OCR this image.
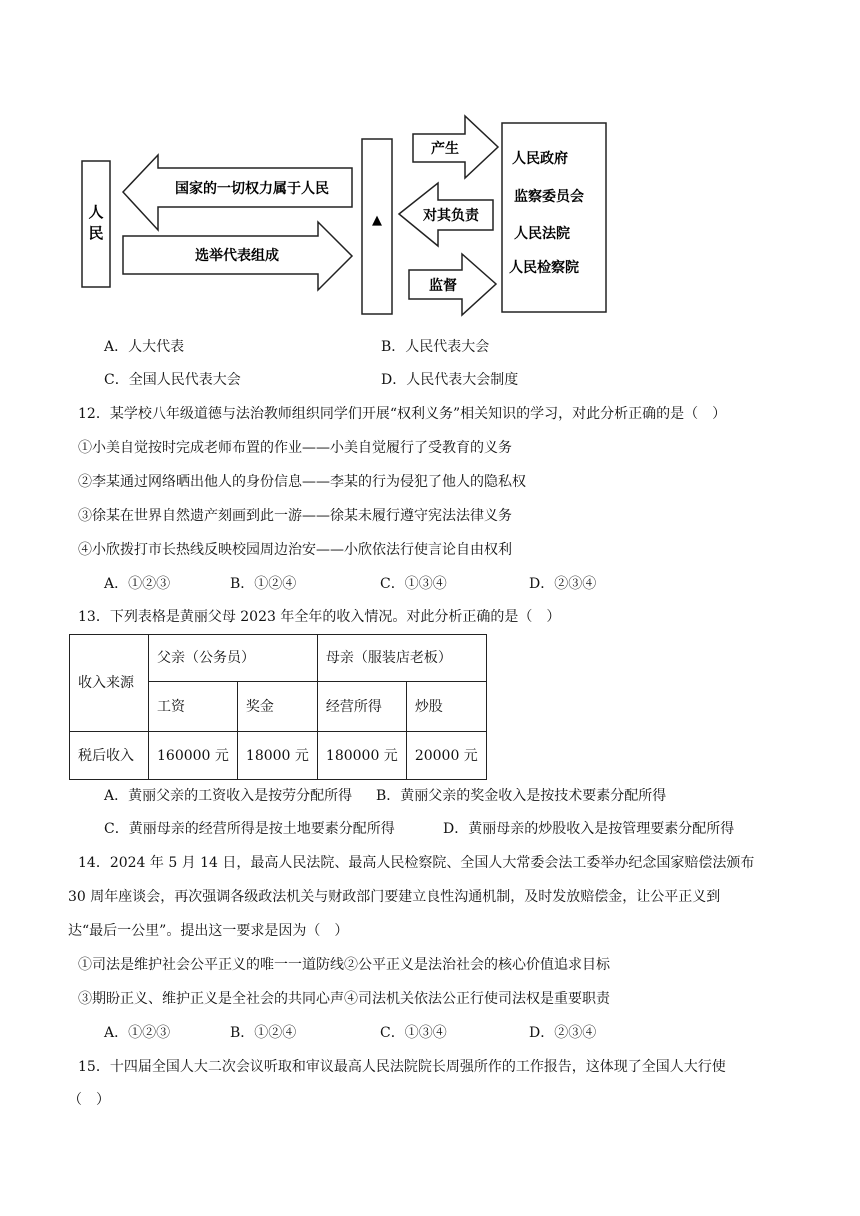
人
民
国家的一切权力属于人民
选举代表组成
▲
产生
对其负责
监督
人民政府
监察委员会
人民法院
人民检察院
A．人大代表	B．人民代表大会
C．全国人民代表大会	D．人民代表大会制度
12．某学校八年级道德与法治教师组织同学们开展“权利义务”相关知识的学习，对此分析正确的是（　）
①小美自觉按时完成老师布置的作业——小美自觉履行了受教育的义务
②李某通过网络晒出他人的身份信息——李某的行为侵犯了他人的隐私权
③徐某在世界自然遗产刻画到此一游——徐某未履行遵守宪法法律义务
④小欣拨打市长热线反映校园周边治安——小欣依法行使言论自由权利
A．①②③	B．①②④	C．①③④	D．②③④
13．下列表格是黄丽父母 2023 年全年的收入情况。对此分析正确的是（　）
收入来源	父亲（公务员）		母亲（服装店老板）	
	工资	奖金	经营所得	炒股
税后收入	160000 元	18000 元	180000 元	20000 元
A．黄丽父亲的工资收入是按劳分配所得 B．黄丽父亲的奖金收入是按技术要素分配所得
C．黄丽母亲的经营所得是按土地要素分配所得	D．黄丽母亲的炒股收入是按管理要素分配所得
14．2024 年 5 月 14 日，最高人民法院、最高人民检察院、全国人大常委会法工委举办纪念国家赔偿法颁布
30 周年座谈会，再次强调各级政法机关与财政部门要建立良性沟通机制，及时发放赔偿金，让公平正义到
达“最后一公里”。提出这一要求是因为（　）
①司法是维护社会公平正义的唯一一道防线②公平正义是法治社会的核心价值追求目标
③期盼正义、维护正义是全社会的共同心声④司法机关依法公正行使司法权是重要职责
A．①②③	B．①②④	C．①③④	D．②③④
15．十四届全国人大二次会议听取和审议最高人民法院院长周强所作的工作报告，这体现了全国人大行使
（　）
